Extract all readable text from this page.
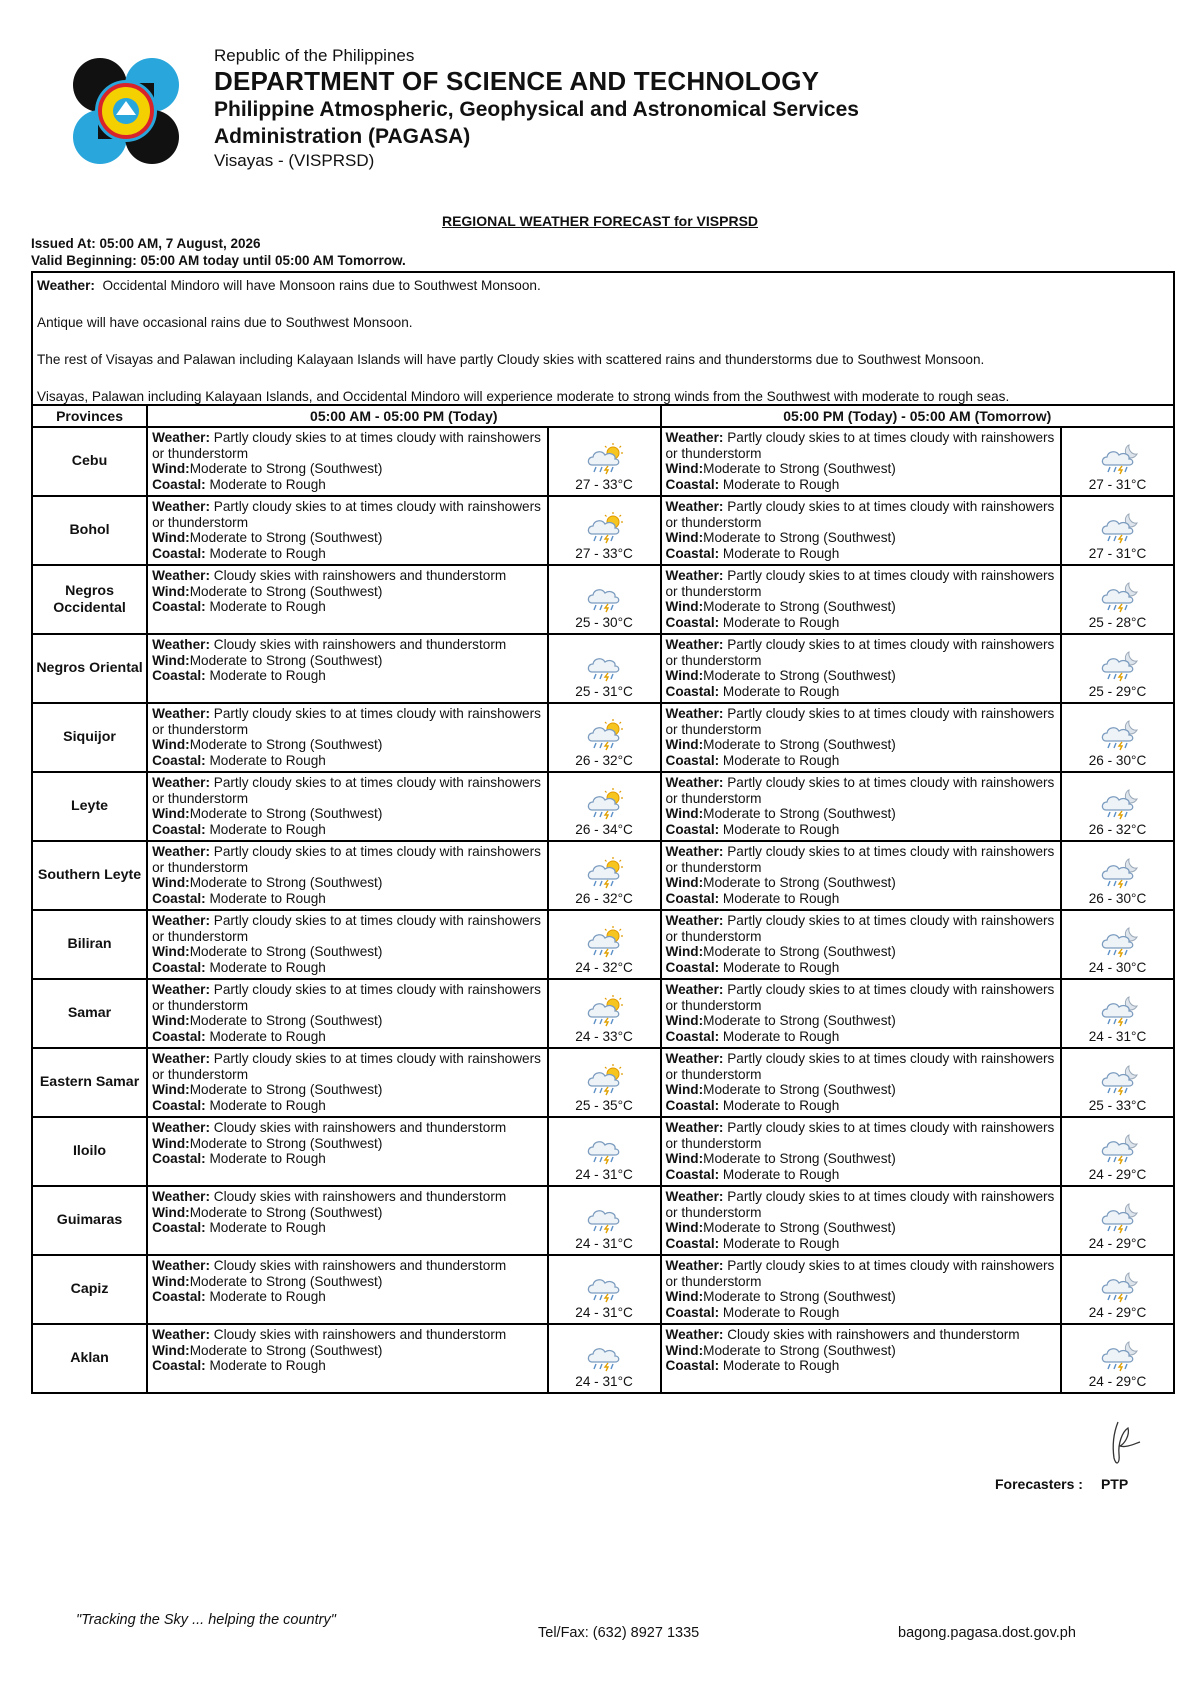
Republic of the Philippines
DEPARTMENT OF SCIENCE AND TECHNOLOGY
Philippine Atmospheric, Geophysical and Astronomical Services
Administration (PAGASA)
Visayas - (VISPRSD)
REGIONAL WEATHER FORECAST for VISPRSD
Issued At: 05:00 AM, 7 August, 2026
Valid Beginning: 05:00 AM today until 05:00 AM Tomorrow.

Weather: Occidental Mindoro will have Monsoon rains due to Southwest Monsoon.

Antique will have occasional rains due to Southwest Monsoon.

The rest of Visayas and Palawan including Kalayaan Islands will have partly Cloudy skies with scattered rains and thunderstorms due to Southwest Monsoon.

Visayas, Palawan including Kalayaan Islands, and Occidental Mindoro will experience moderate to strong winds from the Southwest with moderate to rough seas.

Provinces	05:00 AM - 05:00 PM (Today)		05:00 PM (Today) - 05:00 AM (Tomorrow)	
Cebu	Weather: Partly cloudy skies to at times cloudy with rainshowers or thunderstorm
Wind:Moderate to Strong (Southwest)
Coastal: Moderate to Rough	27 - 33°C	Weather: Partly cloudy skies to at times cloudy with rainshowers or thunderstorm
Wind:Moderate to Strong (Southwest)
Coastal: Moderate to Rough	27 - 31°C
Bohol	Weather: Partly cloudy skies to at times cloudy with rainshowers or thunderstorm
Wind:Moderate to Strong (Southwest)
Coastal: Moderate to Rough	27 - 33°C	Weather: Partly cloudy skies to at times cloudy with rainshowers or thunderstorm
Wind:Moderate to Strong (Southwest)
Coastal: Moderate to Rough	27 - 31°C
Negros Occidental	Weather: Cloudy skies with rainshowers and thunderstorm
Wind:Moderate to Strong (Southwest)
Coastal: Moderate to Rough	25 - 30°C	Weather: Partly cloudy skies to at times cloudy with rainshowers or thunderstorm
Wind:Moderate to Strong (Southwest)
Coastal: Moderate to Rough	25 - 28°C
Negros Oriental	Weather: Cloudy skies with rainshowers and thunderstorm
Wind:Moderate to Strong (Southwest)
Coastal: Moderate to Rough	25 - 31°C	Weather: Partly cloudy skies to at times cloudy with rainshowers or thunderstorm
Wind:Moderate to Strong (Southwest)
Coastal: Moderate to Rough	25 - 29°C
Siquijor	Weather: Partly cloudy skies to at times cloudy with rainshowers or thunderstorm
Wind:Moderate to Strong (Southwest)
Coastal: Moderate to Rough	26 - 32°C	Weather: Partly cloudy skies to at times cloudy with rainshowers or thunderstorm
Wind:Moderate to Strong (Southwest)
Coastal: Moderate to Rough	26 - 30°C
Leyte	Weather: Partly cloudy skies to at times cloudy with rainshowers or thunderstorm
Wind:Moderate to Strong (Southwest)
Coastal: Moderate to Rough	26 - 34°C	Weather: Partly cloudy skies to at times cloudy with rainshowers or thunderstorm
Wind:Moderate to Strong (Southwest)
Coastal: Moderate to Rough	26 - 32°C
Southern Leyte	Weather: Partly cloudy skies to at times cloudy with rainshowers or thunderstorm
Wind:Moderate to Strong (Southwest)
Coastal: Moderate to Rough	26 - 32°C	Weather: Partly cloudy skies to at times cloudy with rainshowers or thunderstorm
Wind:Moderate to Strong (Southwest)
Coastal: Moderate to Rough	26 - 30°C
Biliran	Weather: Partly cloudy skies to at times cloudy with rainshowers or thunderstorm
Wind:Moderate to Strong (Southwest)
Coastal: Moderate to Rough	24 - 32°C	Weather: Partly cloudy skies to at times cloudy with rainshowers or thunderstorm
Wind:Moderate to Strong (Southwest)
Coastal: Moderate to Rough	24 - 30°C
Samar	Weather: Partly cloudy skies to at times cloudy with rainshowers or thunderstorm
Wind:Moderate to Strong (Southwest)
Coastal: Moderate to Rough	24 - 33°C	Weather: Partly cloudy skies to at times cloudy with rainshowers or thunderstorm
Wind:Moderate to Strong (Southwest)
Coastal: Moderate to Rough	24 - 31°C
Eastern Samar	Weather: Partly cloudy skies to at times cloudy with rainshowers or thunderstorm
Wind:Moderate to Strong (Southwest)
Coastal: Moderate to Rough	25 - 35°C	Weather: Partly cloudy skies to at times cloudy with rainshowers or thunderstorm
Wind:Moderate to Strong (Southwest)
Coastal: Moderate to Rough	25 - 33°C
Iloilo	Weather: Cloudy skies with rainshowers and thunderstorm
Wind:Moderate to Strong (Southwest)
Coastal: Moderate to Rough	24 - 31°C	Weather: Partly cloudy skies to at times cloudy with rainshowers or thunderstorm
Wind:Moderate to Strong (Southwest)
Coastal: Moderate to Rough	24 - 29°C
Guimaras	Weather: Cloudy skies with rainshowers and thunderstorm
Wind:Moderate to Strong (Southwest)
Coastal: Moderate to Rough	24 - 31°C	Weather: Partly cloudy skies to at times cloudy with rainshowers or thunderstorm
Wind:Moderate to Strong (Southwest)
Coastal: Moderate to Rough	24 - 29°C
Capiz	Weather: Cloudy skies with rainshowers and thunderstorm
Wind:Moderate to Strong (Southwest)
Coastal: Moderate to Rough	24 - 31°C	Weather: Partly cloudy skies to at times cloudy with rainshowers or thunderstorm
Wind:Moderate to Strong (Southwest)
Coastal: Moderate to Rough	24 - 29°C
Aklan	Weather: Cloudy skies with rainshowers and thunderstorm
Wind:Moderate to Strong (Southwest)
Coastal: Moderate to Rough	24 - 31°C	Weather: Cloudy skies with rainshowers and thunderstorm
Wind:Moderate to Strong (Southwest)
Coastal: Moderate to Rough	24 - 29°C
Forecasters : PTP
"Tracking the Sky ... helping the country"
Tel/Fax: (632) 8927 1335	bagong.pagasa.dost.gov.ph
